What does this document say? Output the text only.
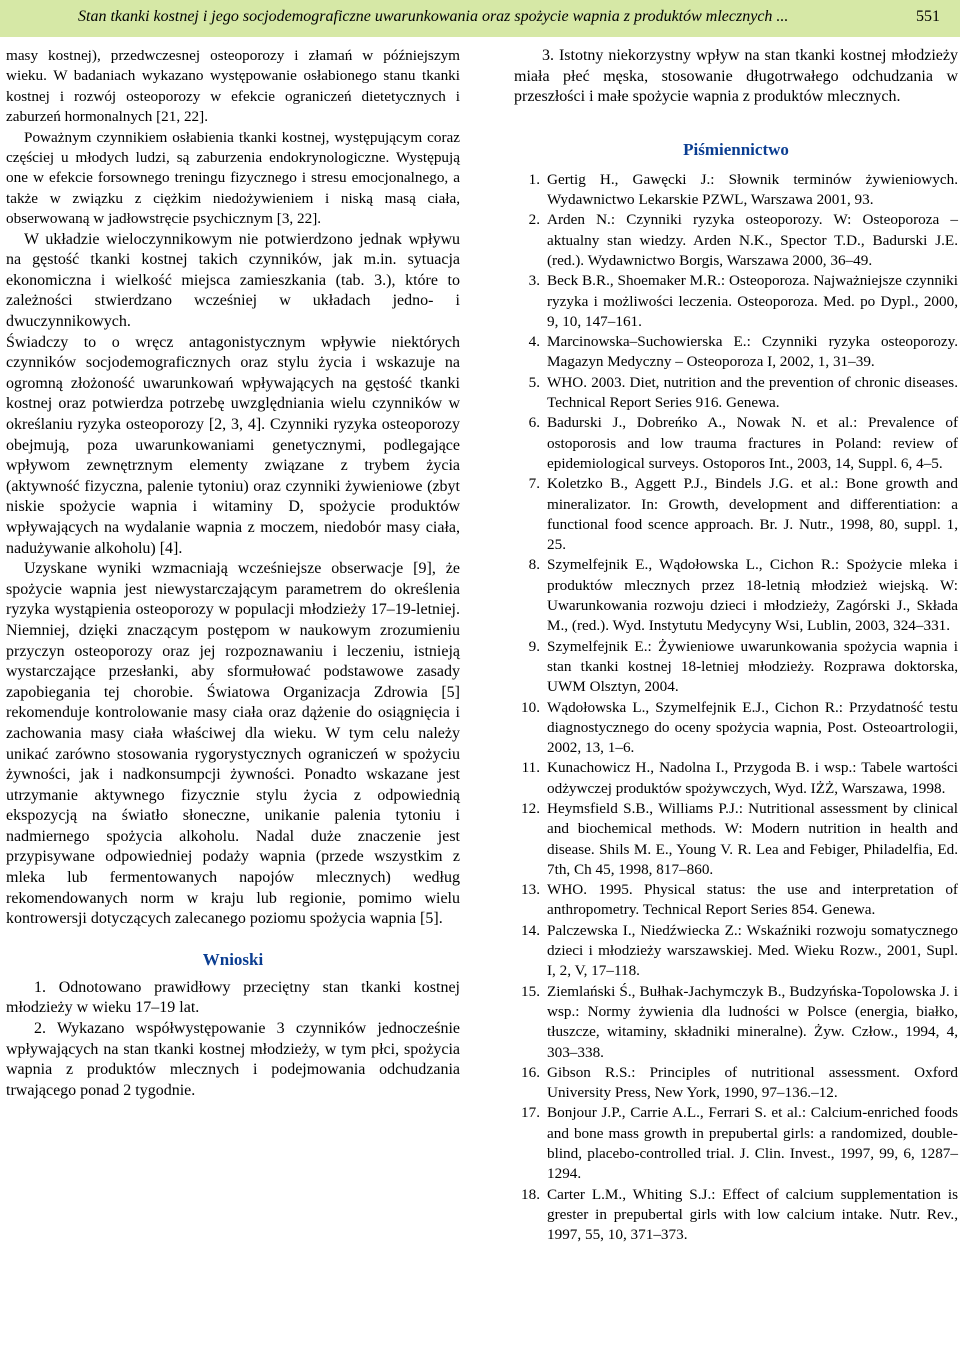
Stan tkanki kostnej i jego socjodemograficzne uwarunkowania oraz spożycie wapnia z produktów mlecznych ...	551

masy kostnej), przedwczesnej osteoporozy i złamań w późniejszym wieku. W badaniach wykazano występowanie osłabionego stanu tkanki kostnej i rozwój osteoporozy w efekcie ograniczeń dietetycznych i zaburzeń hormonalnych [21, 22].

Poważnym czynnikiem osłabienia tkanki kostnej, występującym coraz częściej u młodych ludzi, są zaburzenia endokrynologiczne. Występują one w efekcie forsownego treningu fizycznego i stresu emocjonalnego, a także w związku z ciężkim niedożywieniem i niską masą ciała, obserwowaną w jadłowstręcie psychicznym [3, 22].

W układzie wieloczynnikowym nie potwierdzono jednak wpływu na gęstość tkanki kostnej takich czynników, jak m.in. sytuacja ekonomiczna i wielkość miejsca zamieszkania (tab. 3.), które to zależności stwierdzano wcześniej w układach jedno- i dwuczynnikowych.

Świadczy to o wręcz antagonistycznym wpływie niektórych czynników socjodemograficznych oraz stylu życia i wskazuje na ogromną złożoność uwarunkowań wpływających na gęstość tkanki kostnej oraz potwierdza potrzebę uwzględniania wielu czynników w określaniu ryzyka osteoporozy [2, 3, 4]. Czynniki ryzyka osteoporozy obejmują, poza uwarunkowaniami genetycznymi, podlegające wpływom zewnętrznym elementy związane z trybem życia (aktywność fizyczna, palenie tytoniu) oraz czynniki żywieniowe (zbyt niskie spożycie wapnia i witaminy D, spożycie produktów wpływających na wydalanie wapnia z moczem, niedobór masy ciała, nadużywanie alkoholu) [4].

Uzyskane wyniki wzmacniają wcześniejsze obserwacje [9], że spożycie wapnia jest niewystarczającym parametrem do określenia ryzyka wystąpienia osteoporozy w populacji młodzieży 17–19-letniej. Niemniej, dzięki znaczącym postępom w naukowym zrozumieniu przyczyn osteoporozy oraz jej rozpoznawaniu i leczeniu, istnieją wystarczające przesłanki, aby sformułować podstawowe zasady zapobiegania tej chorobie. Światowa Organizacja Zdrowia [5] rekomenduje kontrolowanie masy ciała oraz dążenie do osiągnięcia i zachowania masy ciała właściwej dla wieku. W tym celu należy unikać zarówno stosowania rygorystycznych ograniczeń w spożyciu żywności, jak i nadkonsumpcji żywności. Ponadto wskazane jest utrzymanie aktywnego fizycznie stylu życia z odpowiednią ekspozycją na światło słoneczne, unikanie palenia tytoniu i nadmiernego spożycia alkoholu. Nadal duże znaczenie jest przypisywane odpowiedniej podaży wapnia (przede wszystkim z mleka lub fermentowanych napojów mlecznych) według rekomendowanych norm w kraju lub regionie, pomimo wielu kontrowersji dotyczących zalecanego poziomu spożycia wapnia [5].

Wnioski

1. Odnotowano prawidłowy przeciętny stan tkanki kostnej młodzieży w wieku 17–19 lat.

2. Wykazano współwystępowanie 3 czynników jednocześnie wpływających na stan tkanki kostnej młodzieży, w tym płci, spożycia wapnia z produktów mlecznych i podejmowania odchudzania trwającego ponad 2 tygodnie.

3. Istotny niekorzystny wpływ na stan tkanki kostnej młodzieży miała płeć męska, stosowanie długotrwałego odchudzania w przeszłości i małe spożycie wapnia z produktów mlecznych.

Piśmiennictwo
1. Gertig H., Gawęcki J.: Słownik terminów żywieniowych. Wydawnictwo Lekarskie PZWL, Warszawa 2001, 93.
2. Arden N.: Czynniki ryzyka osteoporozy. W: Osteoporoza – aktualny stan wiedzy. Arden N.K., Spector T.D., Badurski J.E. (red.). Wydawnictwo Borgis, Warszawa 2000, 36–49.
3. Beck B.R., Shoemaker M.R.: Osteoporoza. Najważniejsze czynniki ryzyka i możliwości leczenia. Osteoporoza. Med. po Dypl., 2000, 9, 10, 147–161.
4. Marcinowska–Suchowierska E.: Czynniki ryzyka osteoporozy. Magazyn Medyczny – Osteoporoza I, 2002, 1, 31–39.
5. WHO. 2003. Diet, nutrition and the prevention of chronic diseases. Technical Report Series 916. Genewa.
6. Badurski J., Dobreńko A., Nowak N. et al.: Prevalence of ostoporosis and low trauma fractures in Poland: review of epidemiological surveys. Ostoporos Int., 2003, 14, Suppl. 6, 4–5.
7. Koletzko B., Aggett P.J., Bindels J.G. et al.: Bone growth and mineralizator. In: Growth, development and differentiation: a functional food scence approach. Br. J. Nutr., 1998, 80, suppl. 1, 25.
8. Szymelfejnik E., Wądołowska L., Cichon R.: Spożycie mleka i produktów mlecznych przez 18-letnią młodzież wiejską. W: Uwarunkowania rozwoju dzieci i młodzieży, Zagórski J., Składa M., (red.). Wyd. Instytutu Medycyny Wsi, Lublin, 2003, 324–331.
9. Szymelfejnik E.: Żywieniowe uwarunkowania spożycia wapnia i stan tkanki kostnej 18-letniej młodzieży. Rozprawa doktorska, UWM Olsztyn, 2004.
10. Wądołowska L., Szymelfejnik E.J., Cichon R.: Przydatność testu diagnostycznego do oceny spożycia wapnia, Post. Osteoartrologii, 2002, 13, 1–6.
11. Kunachowicz H., Nadolna I., Przygoda B. i wsp.: Tabele wartości odżywczej produktów spożywczych, Wyd. IŻŻ, Warszawa, 1998.
12. Heymsfield S.B., Williams P.J.: Nutritional assessment by clinical and biochemical methods. W: Modern nutrition in health and disease. Shils M. E., Young V. R. Lea and Febiger, Philadelfia, Ed. 7th, Ch 45, 1998, 817–860.
13. WHO. 1995. Physical status: the use and interpretation of anthropometry. Technical Report Series 854. Genewa.
14. Palczewska I., Niedźwiecka Z.: Wskaźniki rozwoju somatycznego dzieci i młodzieży warszawskiej. Med. Wieku Rozw., 2001, Supl. I, 2, V, 17–118.
15. Ziemlański Ś., Bułhak-Jachymczyk B., Budzyńska-Topolowska J. i wsp.: Normy żywienia dla ludności w Polsce (energia, białko, tłuszcze, witaminy, składniki mineralne). Żyw. Człow., 1994, 4, 303–338.
16. Gibson R.S.: Principles of nutritional assessment. Oxford University Press, New York, 1990, 97–136.–12.
17. Bonjour J.P., Carrie A.L., Ferrari S. et al.: Calcium-enriched foods and bone mass growth in prepubertal girls: a randomized, double-blind, placebo-controlled trial. J. Clin. Invest., 1997, 99, 6, 1287–1294.
18. Carter L.M., Whiting S.J.: Effect of calcium supplementation is grester in prepubertal girls with low calcium intake. Nutr. Rev., 1997, 55, 10, 371–373.
